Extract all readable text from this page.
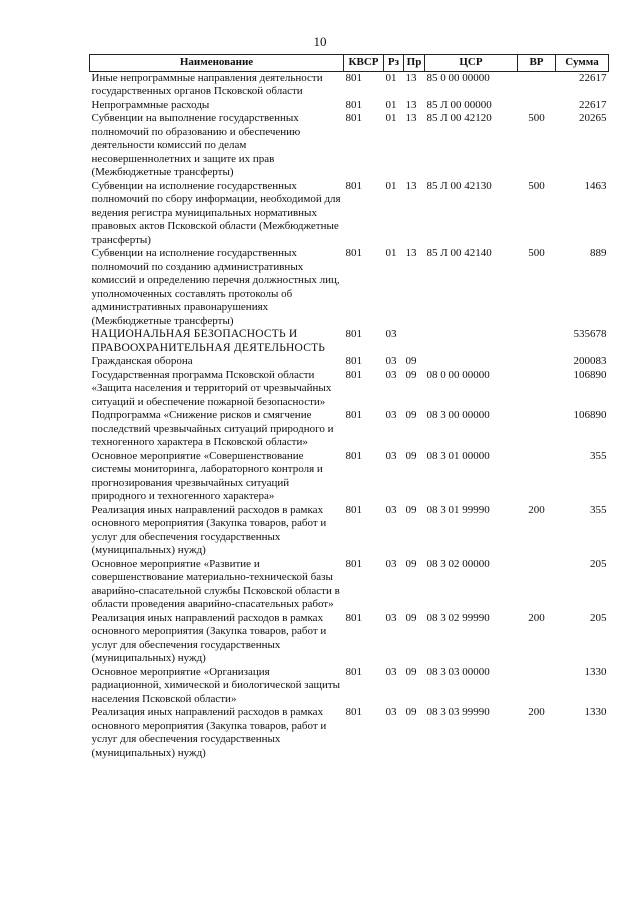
10
Наименование	КВСР	Рз	Пр	ЦСР	ВР	Сумма
Иные непрограммные направления деятельности государственных органов Псковской области	801	01	13	85 0 00 00000		22617
Непрограммные расходы	801	01	13	85 Л 00 00000		22617
Субвенции на выполнение государственных полномочий по образованию и обеспечению деятельности комиссий по делам несовершеннолетних и защите их прав (Межбюджетные трансферты)	801	01	13	85 Л 00 42120	500	20265
Субвенции на исполнение государственных полномочий по сбору информации, необходимой для ведения регистра муниципальных нормативных правовых актов Псковской области (Межбюджетные трансферты)	801	01	13	85 Л 00 42130	500	1463
Субвенции на исполнение государственных полномочий по созданию административных комиссий и определению перечня должностных лиц, уполномоченных составлять протоколы об административных правонарушениях (Межбюджетные трансферты)	801	01	13	85 Л 00 42140	500	889
НАЦИОНАЛЬНАЯ БЕЗОПАСНОСТЬ И ПРАВООХРАНИТЕЛЬНАЯ ДЕЯТЕЛЬНОСТЬ	801	03				535678
Гражданская оборона	801	03	09			200083
Государственная программа Псковской области «Защита населения и территорий от чрезвычайных ситуаций и обеспечение пожарной безопасности»	801	03	09	08 0 00 00000		106890
Подпрограмма «Снижение рисков и смягчение последствий чрезвычайных ситуаций природного и техногенного характера в Псковской области»	801	03	09	08 3 00 00000		106890
Основное мероприятие «Совершенствование системы мониторинга, лабораторного контроля и прогнозирования чрезвычайных ситуаций природного и техногенного характера»	801	03	09	08 3 01 00000		355
Реализация иных направлений расходов в рамках основного мероприятия (Закупка товаров, работ и услуг для обеспечения государственных (муниципальных) нужд)	801	03	09	08 3 01 99990	200	355
Основное мероприятие «Развитие и совершенствование материально-технической базы аварийно-спасательной службы Псковской области в области проведения аварийно-спасательных работ»	801	03	09	08 3 02 00000		205
Реализация иных направлений расходов в рамках основного мероприятия (Закупка товаров, работ и услуг для обеспечения государственных (муниципальных) нужд)	801	03	09	08 3 02 99990	200	205
Основное мероприятие «Организация радиационной, химической и биологической защиты населения Псковской области»	801	03	09	08 3 03 00000		1330
Реализация иных направлений расходов в рамках основного мероприятия (Закупка товаров, работ и услуг для обеспечения государственных (муниципальных) нужд)	801	03	09	08 3 03 99990	200	1330
